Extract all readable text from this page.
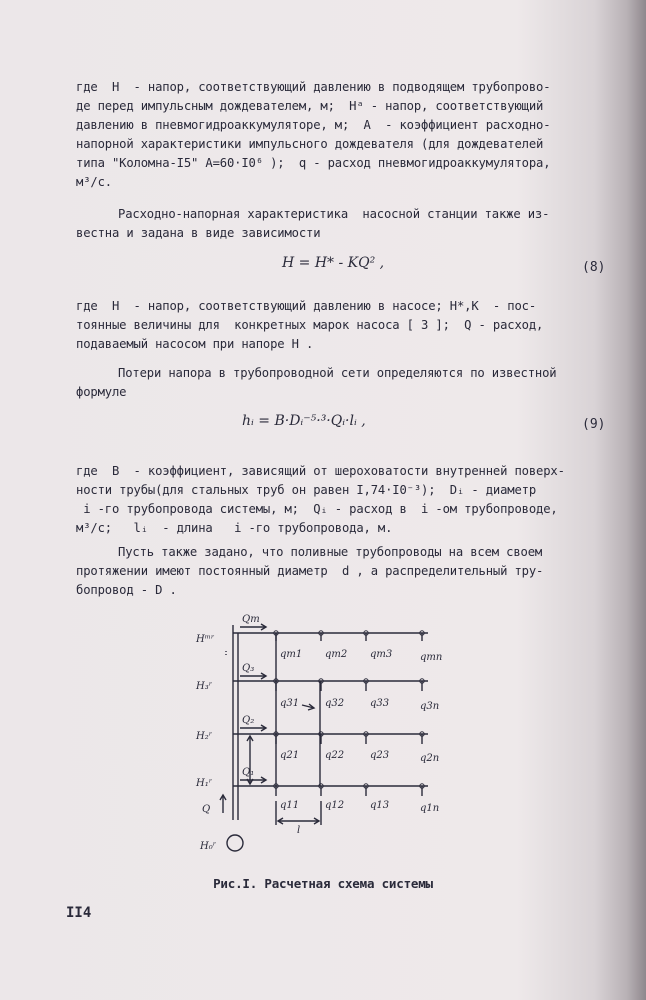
где  H  - напор, соответствующий давлению в подводящем трубопрово-
де перед импульсным дождевателем, м;  Hᵃ - напор, соответствующий
давлению в пневмогидроаккумуляторе, м;  A  - коэффициент расходно-
напорной характеристики импульсного дождевателя (для дождевателей
типа "Коломна-I5" A=60·I0⁶ );  q - расход пневмогидроаккумулятора,
м³/с.
Расходно-напорная характеристика  насосной станции также из-
вестна и задана в виде зависимости
H = H* - KQ² ,	(8)
где  H  - напор, соответствующий давлению в насосе; H*,K  - пос-
тоянные величины для  конкретных марок насоса [ 3 ];  Q - расход,
подаваемый насосом при напоре H .
Потери напора в трубопроводной сети определяются по известной
формуле
hᵢ = B·Dᵢ⁻⁵·³·Qᵢ·lᵢ ,	(9)
где  B  - коэффициент, зависящий от шероховатости внутренней поверх-
ности трубы(для стальных труб он равен I,74·I0⁻³);  Dᵢ - диаметр
i -го трубопровода системы, м;  Qᵢ - расход в  i -ом трубопроводе,
м³/с;   lᵢ  - длина   i -го трубопровода, м.
Пусть также задано, что поливные трубопроводы на всем своем
протяжении имеют постоянный диаметр  d , а распределительный тру-
бопровод - D .
Hᵐʳ
H₃ʳ
H₂ʳ
H₁ʳ
H₀ʳ
Qm
Q₃
Q₂
Q₁
Q
qm1 qm2 qm3	qmn
q31	q32	q33	q3n
q21	q22	q23	q2n
q11	q12	q13	q1n
l
Рис.I. Расчетная схема системы
II4
